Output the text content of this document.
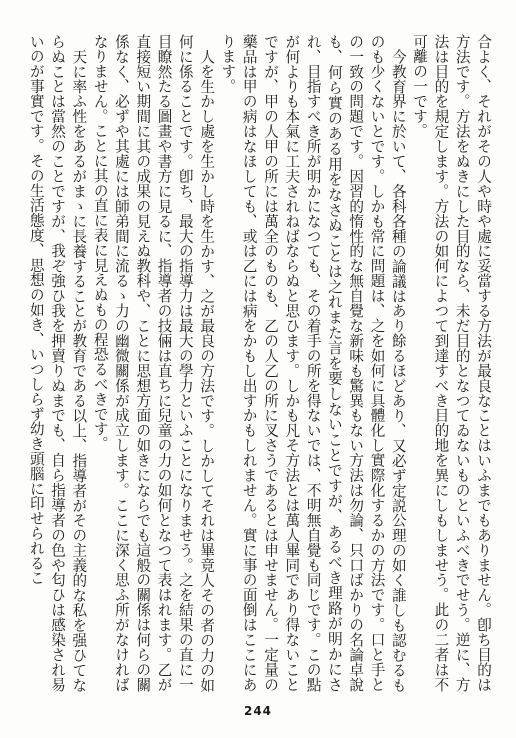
合よく、それがその人や時や處に妥當する方法が最良なことはいふまでもありません。卽ち目的は方法です。方法をぬきにした目的なら、未だ目的となつてゐないものといふべきでせう。逆に、方法は目的を規定します。方法の如何によつて到達すべき目的地を異にしもしませう。此の二者は不可離の一です。

今教育界に於いて、各科各種の論議はあり餘るほどあり、又必ず定説公理の如く誰しも認むるものも少くないとです。しかも常に問題は、之を如何に具體化し實際化するかの方法です。口と手との一致の問題です。因習的惰性的な無自覺な新味も驚異もない方法は勿論、只口ばかりの名論卓說も、何ら實のある用をなさぬことは之れまた言を要しないことですが、あるべき理路が明かにされ、目指すべき所が明かになつても、その着手の所を得ないでは、不明無自覺も同じです。この點が何よりも本氣に工夫されねばならぬと思ひます。しかも凡そ方法とは萬人畢同であり得ないことですが、甲の人甲の所には萬全のものも、乙の人乙の所に叉さうであるとは申せません。一定量の藥品は甲の病はなほしても、或は乙には病をかもし出すかもしれません。實に事の面倒はここにあります。

人を生かし處を生かし時を生かす、之が最良の方法です。しかしてそれは畢竟人その者の力の如何に係ることです。卽ち、最大の指導力は最大の學力といふことになりませう。之を結果の直に一目瞭然たる圖畫や書方に見るに、指導者の技倆は直ちに兒童の力の如何となつて表はれます。乙が直接短い期間に其の成果の見えぬ教科や、ことに思想方面の如きにならでも這般の關係は何らの關係なく、必ずや其處には師弟間に流るゝ力の幽微關係が成立します。ここに深く思ふ所がなければなりません。ことに其の直に表に見えぬもの程恐るべきです。

天に率ふ性をあるがまゝに長養することが教育である以上、指導者がその主義的な私を强ひてならぬことは當然のことですが、我ぞ強ひ我を押賣りぬまでも、自ら指導者の色や匂ひは感染され易いのが事實です。その生活態度、思想の如き、いつしらず幼き頭腦に印せられるこ

244
